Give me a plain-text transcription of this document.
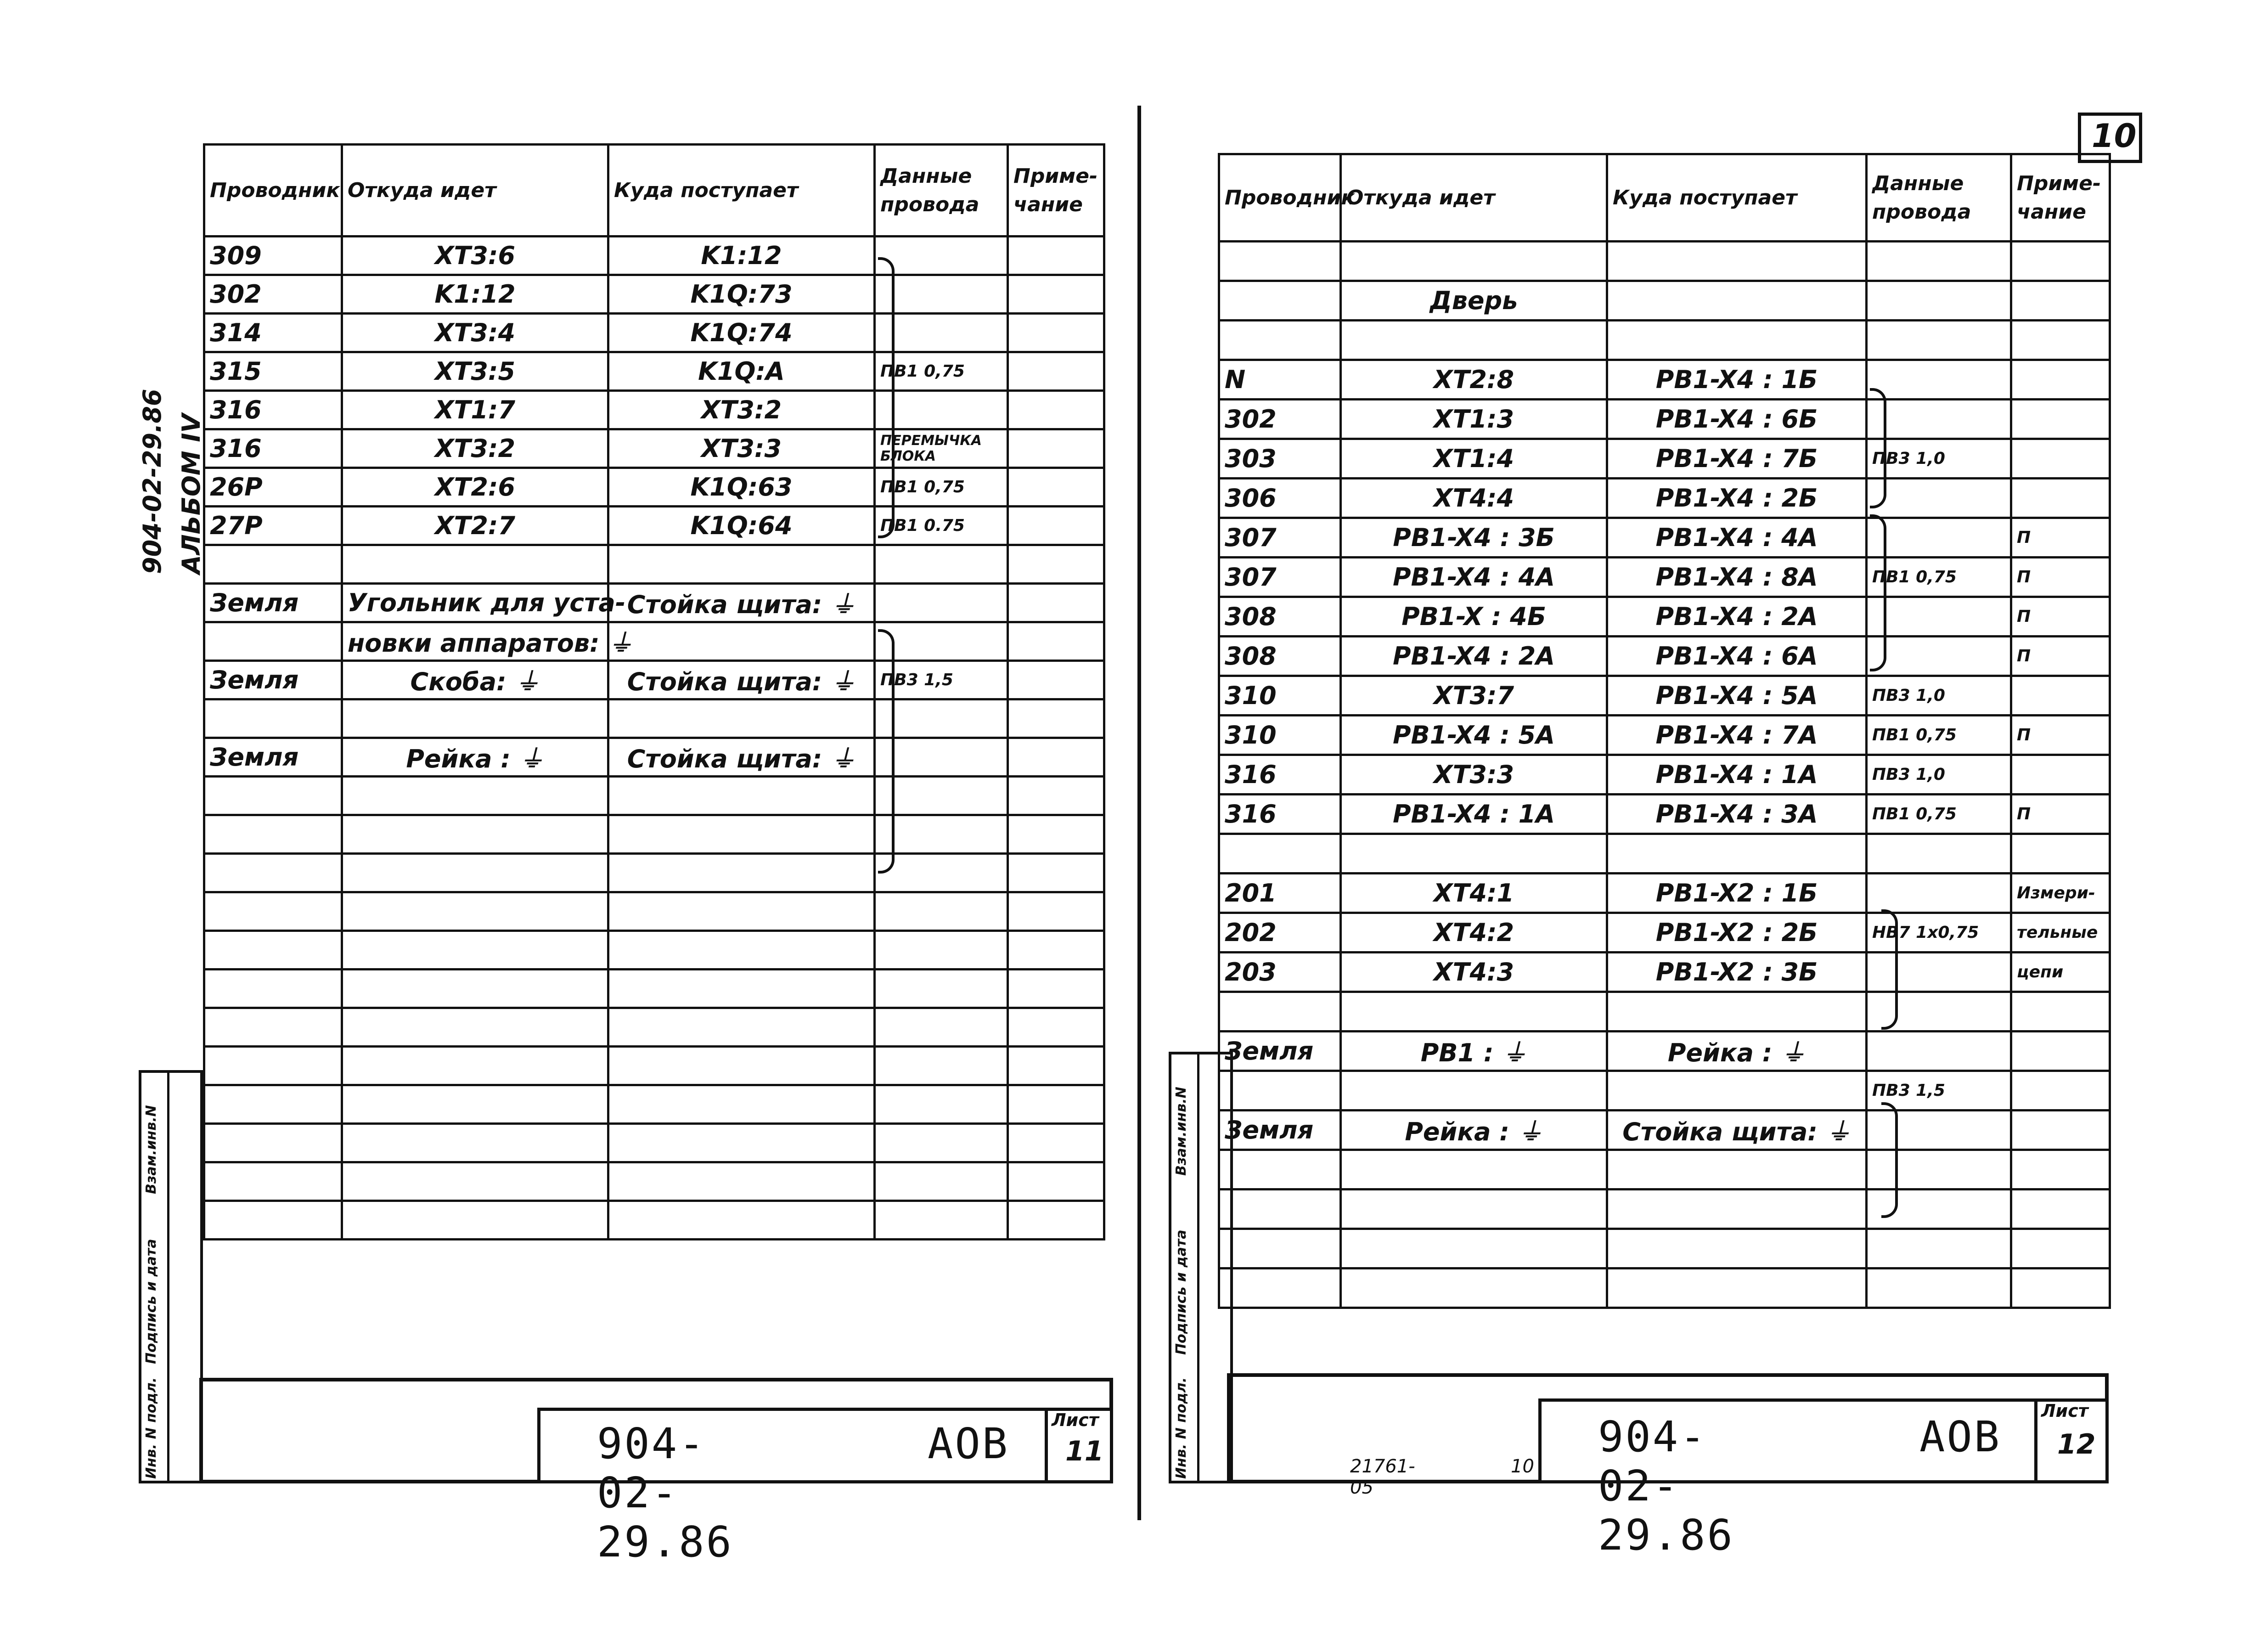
904-02-29.86 АЛЬБОМ IV
Проводник	Откуда идет	Куда поступает	Данные провода	Приме-чание
309	XT3:6	K1:12		
302	K1:12	K1Q:73		
314	XT3:4	K1Q:74		
315	XT3:5	K1Q:A	ПВ1 0,75	
316	XT1:7	XT3:2		
316	XT3:2	XT3:3	ПЕРЕМЫЧКА БЛОКА	
26P	XT2:6	K1Q:63	ПВ1 0,75	
27P	XT2:7	K1Q:64	ПВ1 0.75	

Земля	Угольник для уста-	Стойка щита: ⏚		
	новки аппаратов: ⏚			
Земля	Скоба: ⏚	Стойка щита: ⏚	ПВ3 1,5	

Земля	Рейка : ⏚	Стойка щита: ⏚		

Инв. N подл.
Подпись и дата
Взам.инв.N
904-02-29.86
АОВ Лист
11
10
Проводник	Откуда идет	Куда поступает	Данные провода	Приме-чание

	Дверь			

N	XT2:8	PB1-X4 : 1Б		
302	XT1:3	PB1-X4 : 6Б		
303	XT1:4	PB1-X4 : 7Б	ПВ3 1,0	
306	XT4:4	PB1-X4 : 2Б		
307	PB1-X4 : 3Б	PB1-X4 : 4А		П
307	PB1-X4 : 4А	PB1-X4 : 8А	ПВ1 0,75	П
308	PB1-X : 4Б	PB1-X4 : 2А		П
308	PB1-X4 : 2А	PB1-X4 : 6А		П
310	XT3:7	PB1-X4 : 5А	ПВ3 1,0	
310	PB1-X4 : 5А	PB1-X4 : 7А	ПВ1 0,75	П
316	XT3:3	PB1-X4 : 1А	ПВ3 1,0	
316	PB1-X4 : 1А	PB1-X4 : 3А	ПВ1 0,75	П

201	XT4:1	PB1-X2 : 1Б		Измери-
202	XT4:2	PB1-X2 : 2Б	НВ7 1х0,75	тельные
203	XT4:3	PB1-X2 : 3Б		цепи

Земля	PB1 : ⏚	Рейка : ⏚		
			ПВ3 1,5	
Земля	Рейка : ⏚	Стойка щита: ⏚		

Инв. N подл.
Подпись и дата
Взам.инв.N
21761-05
10
904-02-29.86
АОВ
Лист
12
